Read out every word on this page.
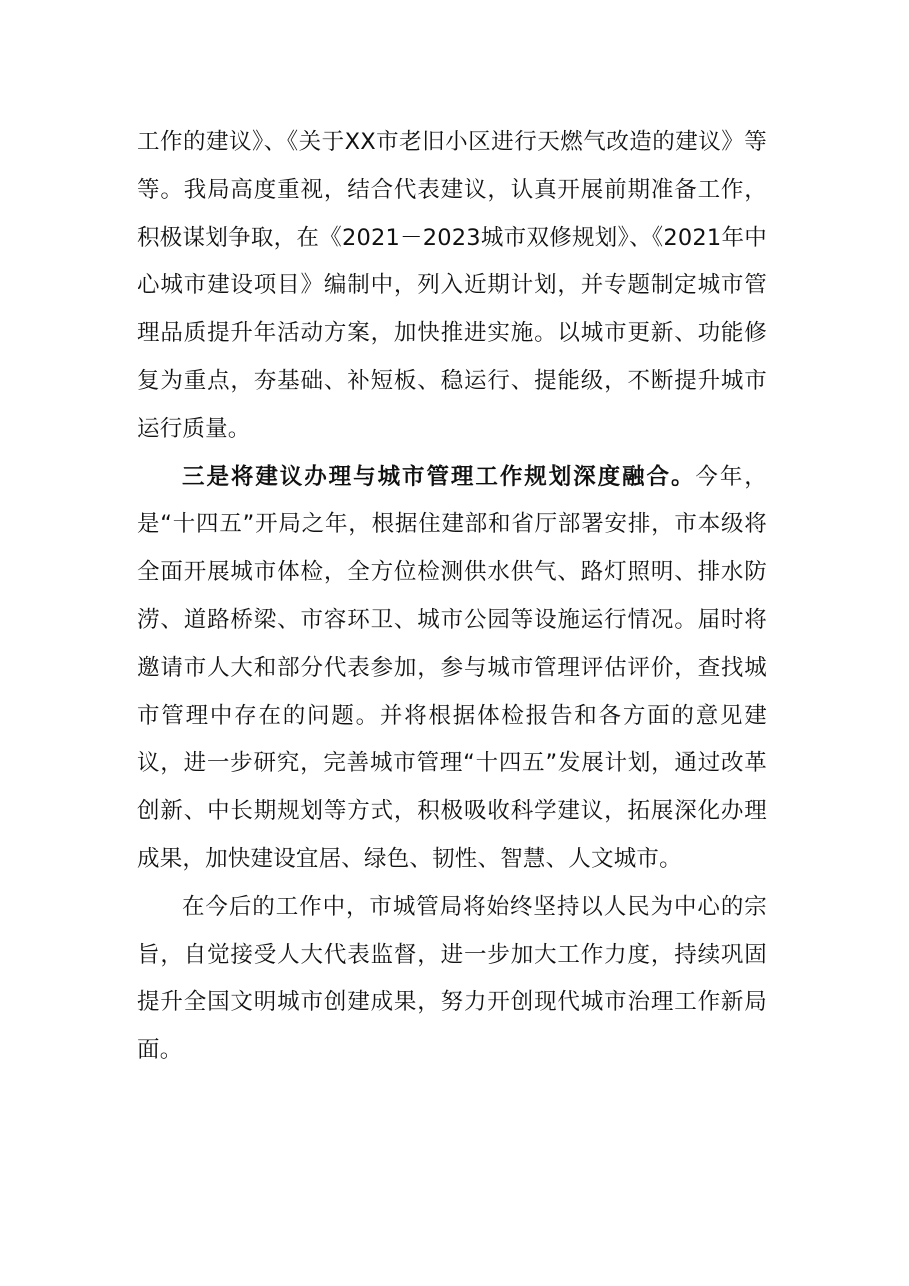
工作的建议》、《关于XX市老旧小区进行天燃气改造的建议》等等。我局高度重视，结合代表建议，认真开展前期准备工作，积极谋划争取，在《2021－2023城市双修规划》、《2021年中心城市建设项目》编制中，列入近期计划，并专题制定城市管理品质提升年活动方案，加快推进实施。以城市更新、功能修复为重点，夯基础、补短板、稳运行、提能级，不断提升城市运行质量。

三是将建议办理与城市管理工作规划深度融合。今年，是“十四五”开局之年，根据住建部和省厅部署安排，市本级将全面开展城市体检，全方位检测供水供气、路灯照明、排水防涝、道路桥梁、市容环卫、城市公园等设施运行情况。届时将邀请市人大和部分代表参加，参与城市管理评估评价，查找城市管理中存在的问题。并将根据体检报告和各方面的意见建议，进一步研究，完善城市管理“十四五”发展计划，通过改革创新、中长期规划等方式，积极吸收科学建议，拓展深化办理成果，加快建设宜居、绿色、韧性、智慧、人文城市。

在今后的工作中，市城管局将始终坚持以人民为中心的宗旨，自觉接受人大代表监督，进一步加大工作力度，持续巩固提升全国文明城市创建成果，努力开创现代城市治理工作新局面。
